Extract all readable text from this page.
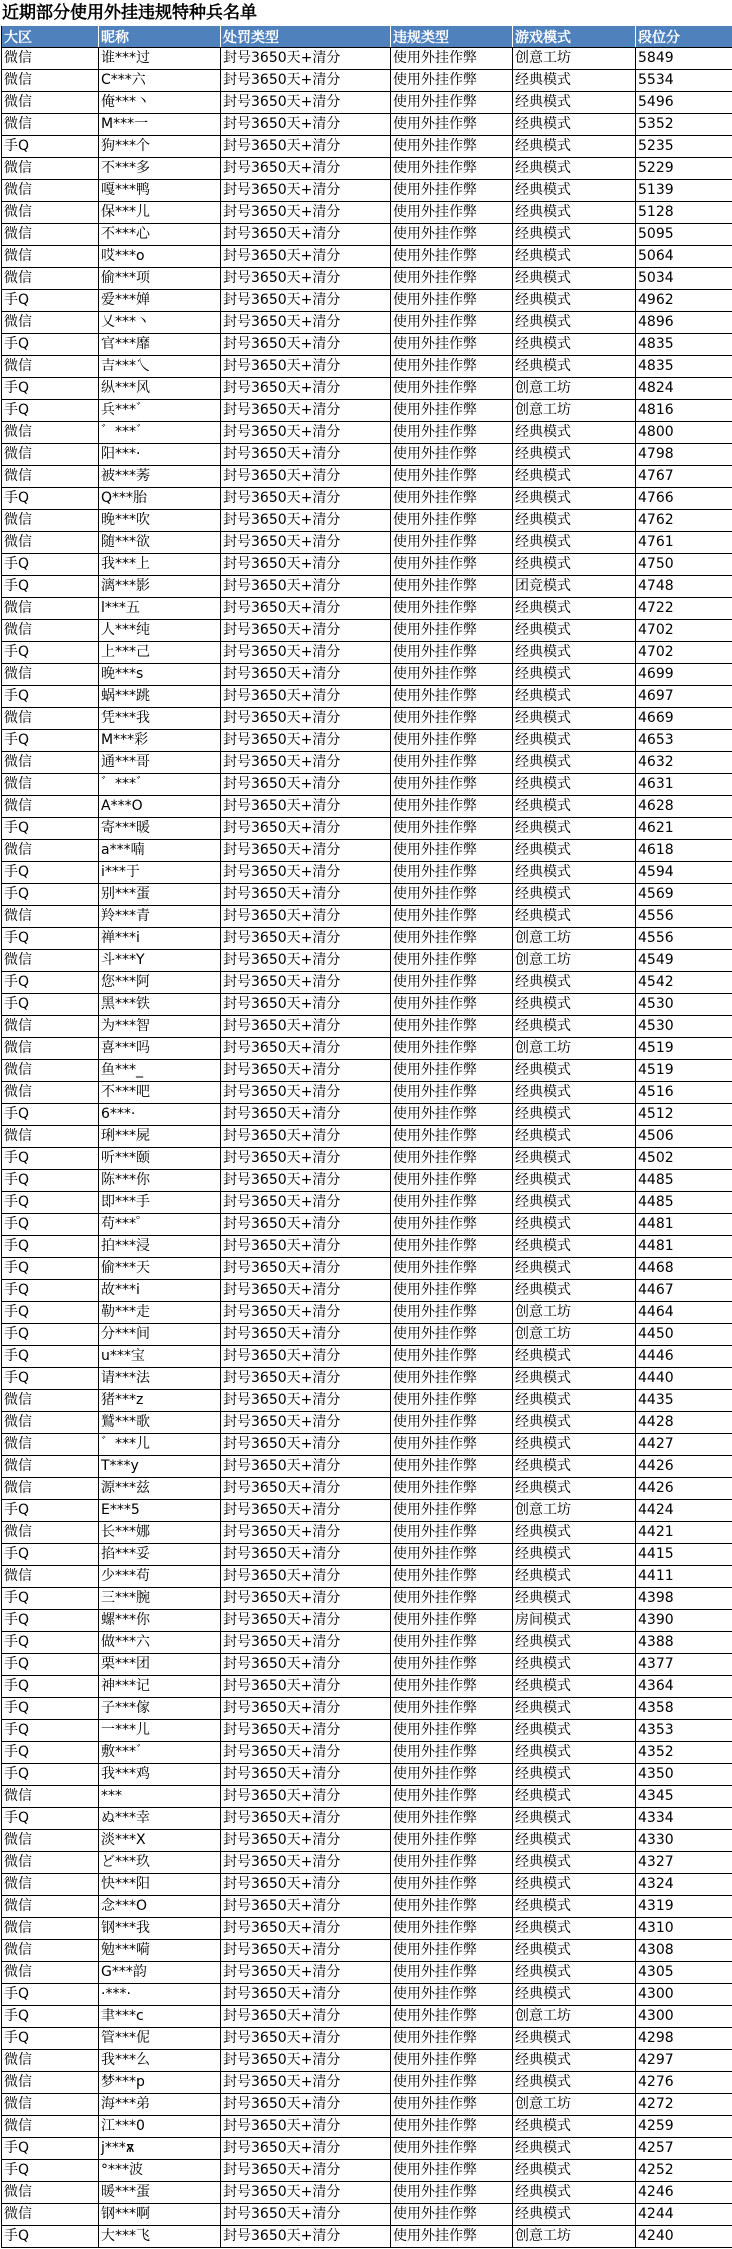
近期部分使用外挂违规特种兵名单
大区	昵称	处罚类型	违规类型	游戏模式	段位分
微信	谁***过	封号3650天+清分	使用外挂作弊	创意工坊	5849
微信	C***六	封号3650天+清分	使用外挂作弊	经典模式	5534
微信	俺***丶	封号3650天+清分	使用外挂作弊	经典模式	5496
微信	M***一	封号3650天+清分	使用外挂作弊	经典模式	5352
手Q	狗***个	封号3650天+清分	使用外挂作弊	经典模式	5235
微信	不***多	封号3650天+清分	使用外挂作弊	经典模式	5229
微信	嘎***鸭	封号3650天+清分	使用外挂作弊	经典模式	5139
微信	保***儿	封号3650天+清分	使用外挂作弊	经典模式	5128
微信	不***心	封号3650天+清分	使用外挂作弊	经典模式	5095
微信	哎***o	封号3650天+清分	使用外挂作弊	经典模式	5064
微信	偷***项	封号3650天+清分	使用外挂作弊	经典模式	5034
手Q	爱***婵	封号3650天+清分	使用外挂作弊	经典模式	4962
微信	乂***丶	封号3650天+清分	使用外挂作弊	经典模式	4896
手Q	官***靡	封号3650天+清分	使用外挂作弊	经典模式	4835
微信	吉***乀	封号3650天+清分	使用外挂作弊	经典模式	4835
手Q	纵***风	封号3650天+清分	使用外挂作弊	创意工坊	4824
手Q	兵***゛	封号3650天+清分	使用外挂作弊	创意工坊	4816
微信	゛***゛	封号3650天+清分	使用外挂作弊	经典模式	4800
微信	阳***·	封号3650天+清分	使用外挂作弊	经典模式	4798
微信	被***莠	封号3650天+清分	使用外挂作弊	经典模式	4767
手Q	Q***胎	封号3650天+清分	使用外挂作弊	经典模式	4766
微信	晚***吹	封号3650天+清分	使用外挂作弊	经典模式	4762
微信	随***欲	封号3650天+清分	使用外挂作弊	经典模式	4761
手Q	我***上	封号3650天+清分	使用外挂作弊	经典模式	4750
手Q	漓***影	封号3650天+清分	使用外挂作弊	团竞模式	4748
微信	l***五	封号3650天+清分	使用外挂作弊	经典模式	4722
微信	人***纯	封号3650天+清分	使用外挂作弊	经典模式	4702
手Q	上***己	封号3650天+清分	使用外挂作弊	经典模式	4702
微信	晚***s	封号3650天+清分	使用外挂作弊	经典模式	4699
手Q	蜗***跳	封号3650天+清分	使用外挂作弊	经典模式	4697
微信	凭***我	封号3650天+清分	使用外挂作弊	经典模式	4669
手Q	M***彩	封号3650天+清分	使用外挂作弊	经典模式	4653
微信	通***哥	封号3650天+清分	使用外挂作弊	经典模式	4632
微信	゛***゛	封号3650天+清分	使用外挂作弊	经典模式	4631
微信	A***O	封号3650天+清分	使用外挂作弊	经典模式	4628
手Q	寄***暖	封号3650天+清分	使用外挂作弊	经典模式	4621
微信	a***喃	封号3650天+清分	使用外挂作弊	经典模式	4618
手Q	i***于	封号3650天+清分	使用外挂作弊	经典模式	4594
手Q	别***蛋	封号3650天+清分	使用外挂作弊	经典模式	4569
微信	羚***青	封号3650天+清分	使用外挂作弊	经典模式	4556
手Q	禅***i	封号3650天+清分	使用外挂作弊	创意工坊	4556
微信	斗***Y	封号3650天+清分	使用外挂作弊	创意工坊	4549
手Q	您***阿	封号3650天+清分	使用外挂作弊	经典模式	4542
手Q	黑***铁	封号3650天+清分	使用外挂作弊	经典模式	4530
微信	为***智	封号3650天+清分	使用外挂作弊	经典模式	4530
微信	喜***吗	封号3650天+清分	使用外挂作弊	创意工坊	4519
微信	鱼***_	封号3650天+清分	使用外挂作弊	经典模式	4519
微信	不***吧	封号3650天+清分	使用外挂作弊	经典模式	4516
手Q	6***·	封号3650天+清分	使用外挂作弊	经典模式	4512
微信	琍***屍	封号3650天+清分	使用外挂作弊	经典模式	4506
手Q	听***颐	封号3650天+清分	使用外挂作弊	经典模式	4502
手Q	陈***你	封号3650天+清分	使用外挂作弊	经典模式	4485
手Q	即***手	封号3650天+清分	使用外挂作弊	经典模式	4485
手Q	苟***゜	封号3650天+清分	使用外挂作弊	经典模式	4481
手Q	拍***浸	封号3650天+清分	使用外挂作弊	经典模式	4481
手Q	偷***天	封号3650天+清分	使用外挂作弊	经典模式	4468
手Q	故***i	封号3650天+清分	使用外挂作弊	经典模式	4467
手Q	勒***走	封号3650天+清分	使用外挂作弊	创意工坊	4464
手Q	分***间	封号3650天+清分	使用外挂作弊	创意工坊	4450
手Q	u***宝	封号3650天+清分	使用外挂作弊	经典模式	4446
手Q	请***法	封号3650天+清分	使用外挂作弊	经典模式	4440
微信	猪***z	封号3650天+清分	使用外挂作弊	经典模式	4435
微信	鷲***歌	封号3650天+清分	使用外挂作弊	经典模式	4428
微信	゛***儿	封号3650天+清分	使用外挂作弊	经典模式	4427
微信	T***y	封号3650天+清分	使用外挂作弊	经典模式	4426
微信	源***兹	封号3650天+清分	使用外挂作弊	经典模式	4426
手Q	E***5	封号3650天+清分	使用外挂作弊	创意工坊	4424
微信	长***娜	封号3650天+清分	使用外挂作弊	经典模式	4421
手Q	掐***妥	封号3650天+清分	使用外挂作弊	经典模式	4415
微信	少***苟	封号3650天+清分	使用外挂作弊	经典模式	4411
手Q	三***腕	封号3650天+清分	使用外挂作弊	经典模式	4398
手Q	螺***你	封号3650天+清分	使用外挂作弊	房间模式	4390
手Q	做***六	封号3650天+清分	使用外挂作弊	经典模式	4388
手Q	栗***团	封号3650天+清分	使用外挂作弊	经典模式	4377
手Q	神***记	封号3650天+清分	使用外挂作弊	经典模式	4364
手Q	子***傢	封号3650天+清分	使用外挂作弊	经典模式	4358
手Q	一***儿	封号3650天+清分	使用外挂作弊	经典模式	4353
手Q	敷***゛	封号3650天+清分	使用外挂作弊	经典模式	4352
手Q	我***鸡	封号3650天+清分	使用外挂作弊	经典模式	4350
微信	***	封号3650天+清分	使用外挂作弊	经典模式	4345
手Q	ぬ***幸	封号3650天+清分	使用外挂作弊	经典模式	4334
微信	淡***X	封号3650天+清分	使用外挂作弊	经典模式	4330
微信	ど***玖	封号3650天+清分	使用外挂作弊	经典模式	4327
微信	快***阳	封号3650天+清分	使用外挂作弊	经典模式	4324
微信	念***O	封号3650天+清分	使用外挂作弊	经典模式	4319
微信	钢***我	封号3650天+清分	使用外挂作弊	经典模式	4310
微信	勉***嗬	封号3650天+清分	使用外挂作弊	经典模式	4308
微信	G***韵	封号3650天+清分	使用外挂作弊	经典模式	4305
手Q	·***·	封号3650天+清分	使用外挂作弊	经典模式	4300
手Q	聿***c	封号3650天+清分	使用外挂作弊	创意工坊	4300
手Q	管***伲	封号3650天+清分	使用外挂作弊	经典模式	4298
微信	我***么	封号3650天+清分	使用外挂作弊	经典模式	4297
微信	梦***p	封号3650天+清分	使用外挂作弊	经典模式	4276
微信	海***弟	封号3650天+清分	使用外挂作弊	创意工坊	4272
微信	江***0	封号3650天+清分	使用外挂作弊	经典模式	4259
手Q	j***ѫ	封号3650天+清分	使用外挂作弊	经典模式	4257
手Q	°***波	封号3650天+清分	使用外挂作弊	经典模式	4252
微信	暖***蛋	封号3650天+清分	使用外挂作弊	经典模式	4246
微信	钢***啊	封号3650天+清分	使用外挂作弊	经典模式	4244
手Q	大***飞	封号3650天+清分	使用外挂作弊	创意工坊	4240
